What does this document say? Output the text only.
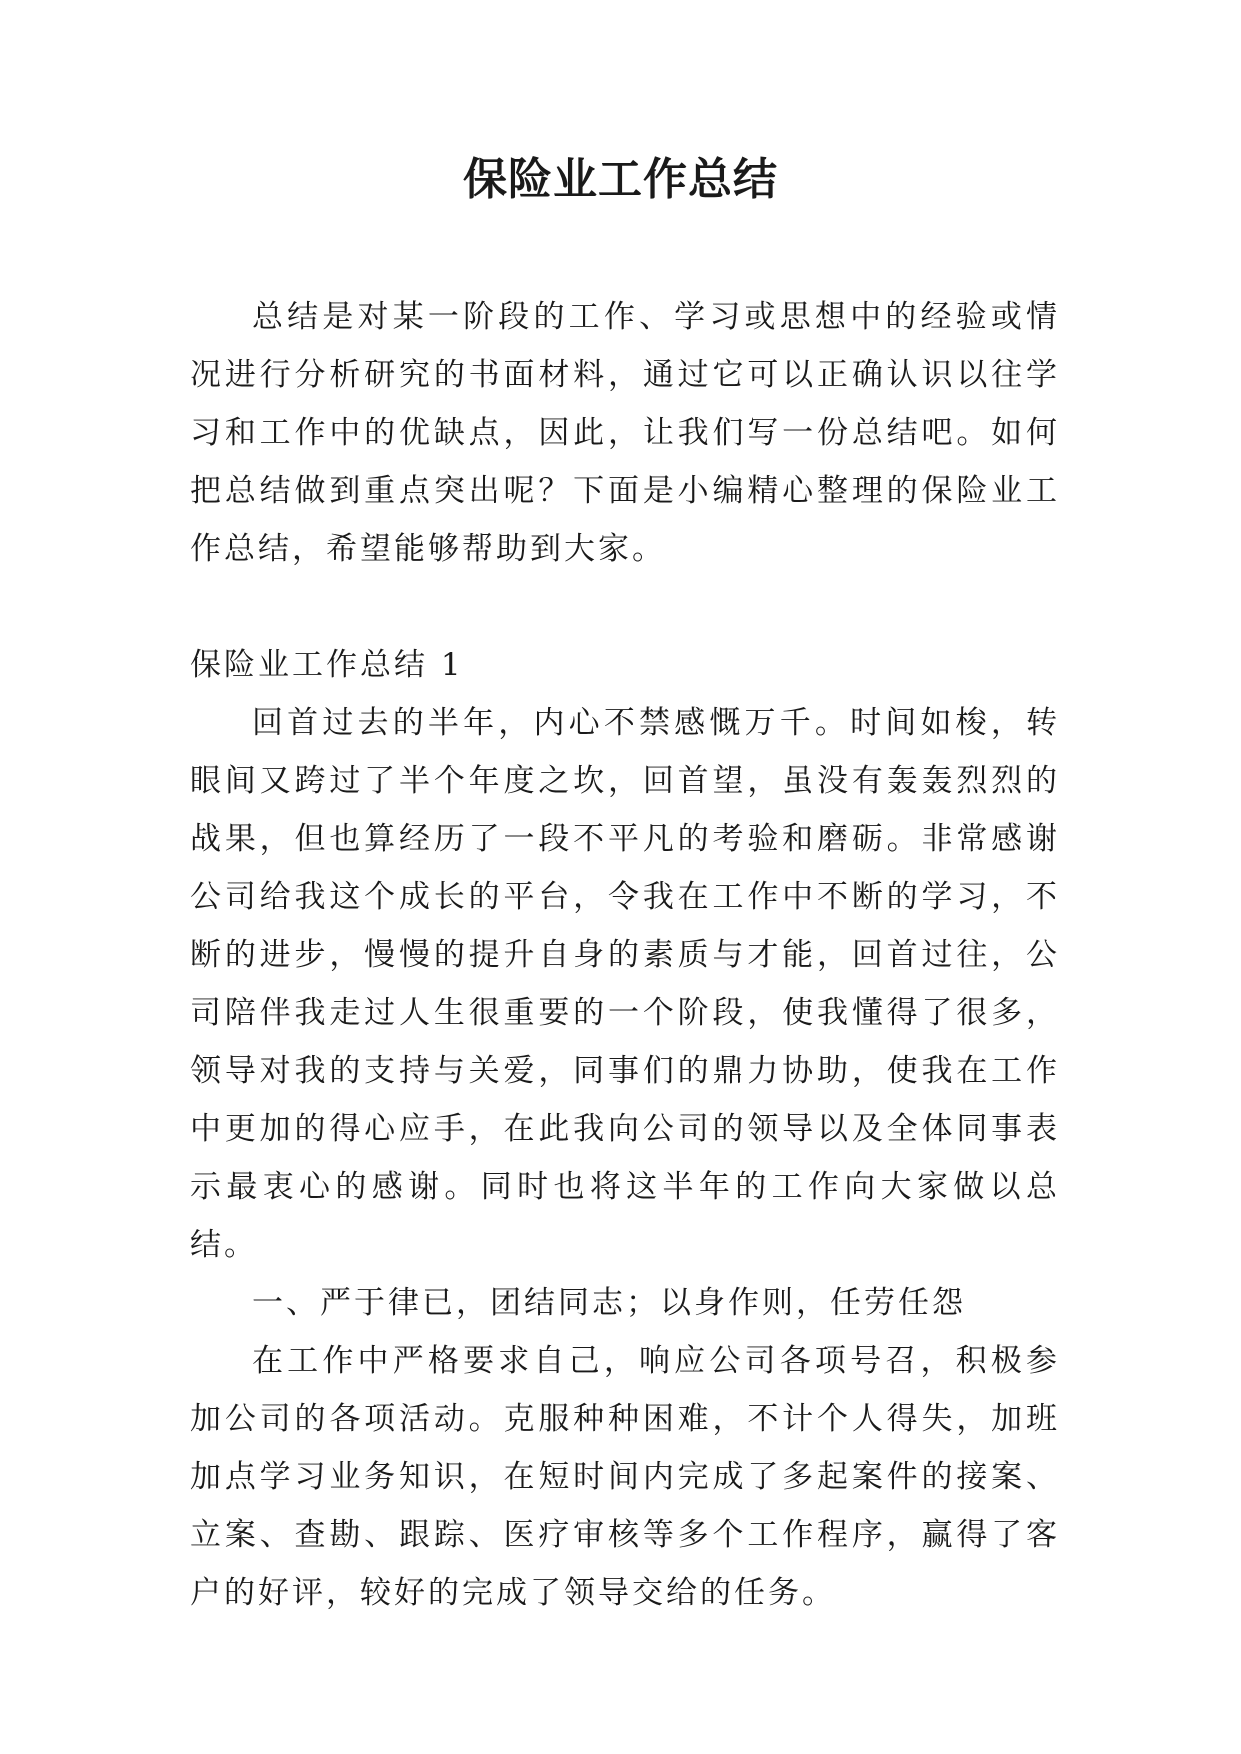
保险业工作总结

总结是对某一阶段的工作、学习或思想中的经验或情况进行分析研究的书面材料，通过它可以正确认识以往学习和工作中的优缺点，因此，让我们写一份总结吧。如何把总结做到重点突出呢？下面是小编精心整理的保险业工作总结，希望能够帮助到大家。

保险业工作总结 1

回首过去的半年，内心不禁感慨万千。时间如梭，转眼间又跨过了半个年度之坎，回首望，虽没有轰轰烈烈的战果，但也算经历了一段不平凡的考验和磨砺。非常感谢公司给我这个成长的平台，令我在工作中不断的学习，不断的进步，慢慢的提升自身的素质与才能，回首过往，公司陪伴我走过人生很重要的一个阶段，使我懂得了很多，领导对我的支持与关爱，同事们的鼎力协助，使我在工作中更加的得心应手，在此我向公司的领导以及全体同事表示最衷心的感谢。同时也将这半年的工作向大家做以总结。

一、严于律已，团结同志；以身作则，任劳任怨

在工作中严格要求自己，响应公司各项号召，积极参加公司的各项活动。克服种种困难，不计个人得失，加班加点学习业务知识，在短时间内完成了多起案件的接案、立案、查勘、跟踪、医疗审核等多个工作程序，赢得了客户的好评，较好的完成了领导交给的任务。
